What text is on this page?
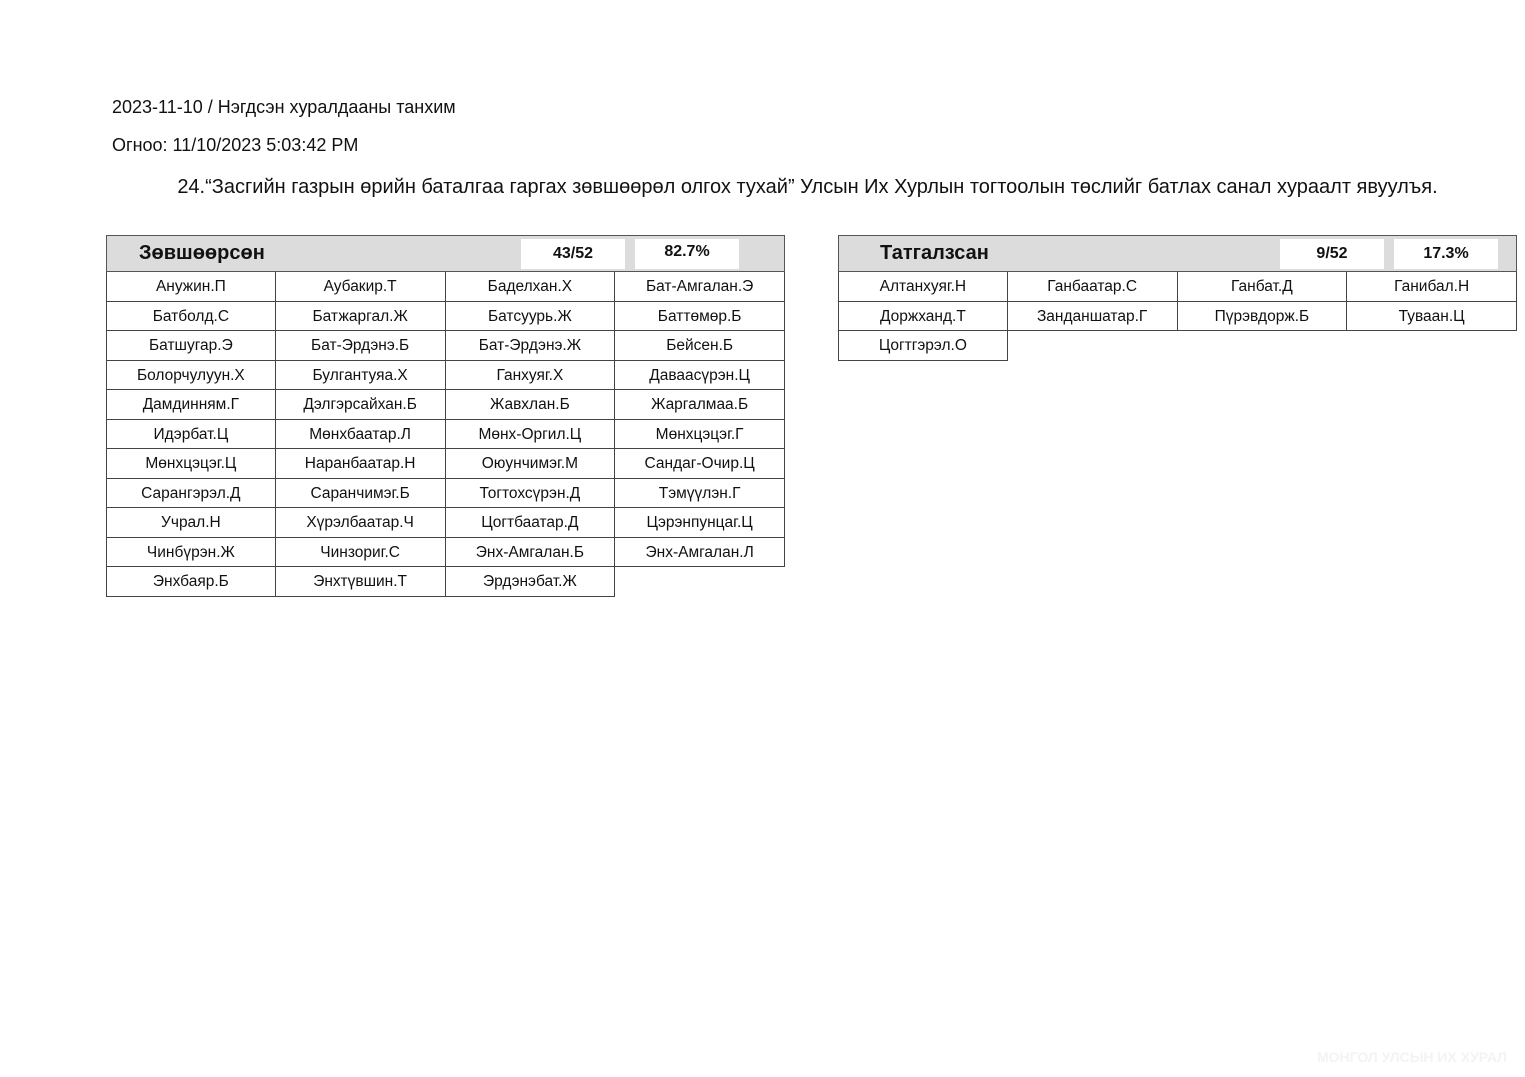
2023-11-10 / Нэгдсэн хуралдааны танхим
Огноо: 11/10/2023 5:03:42 PM
24.“Засгийн газрын өрийн баталгаа гаргах зөвшөөрөл олгох тухай” Улсын Их Хурлын тогтоолын төслийг батлах санал хураалт явуулъя.
Зөвшөөрсөн	43/52	82.7%
Анужин.П	Аубакир.Т	Баделхан.Х	Бат-Амгалан.Э
Батболд.С	Батжаргал.Ж	Батсуурь.Ж	Баттөмөр.Б
Батшугар.Э	Бат-Эрдэнэ.Б	Бат-Эрдэнэ.Ж	Бейсен.Б
Болорчулуун.Х	Булгантуяа.Х	Ганхуяг.Х	Даваасүрэн.Ц
Дамдинням.Г	Дэлгэрсайхан.Б	Жавхлан.Б	Жаргалмаа.Б
Идэрбат.Ц	Мөнхбаатар.Л	Мөнх-Оргил.Ц	Мөнхцэцэг.Г
Мөнхцэцэг.Ц	Наранбаатар.Н	Оюунчимэг.М	Сандаг-Очир.Ц
Сарангэрэл.Д	Саранчимэг.Б	Тогтохсүрэн.Д	Тэмүүлэн.Г
Учрал.Н	Хүрэлбаатар.Ч	Цогтбаатар.Д	Цэрэнпунцаг.Ц
Чинбүрэн.Ж	Чинзориг.С	Энх-Амгалан.Б	Энх-Амгалан.Л
Энхбаяр.Б	Энхтүвшин.Т	Эрдэнэбат.Ж
Татгалзсан	9/52	17.3%
Алтанхуяг.Н	Ганбаатар.С	Ганбат.Д	Ганибал.Н
Доржханд.Т	Занданшатар.Г	Пүрэвдорж.Б	Туваан.Ц
Цогтгэрэл.О
МОНГОЛ УЛСЫН ИХ ХУРАЛ
